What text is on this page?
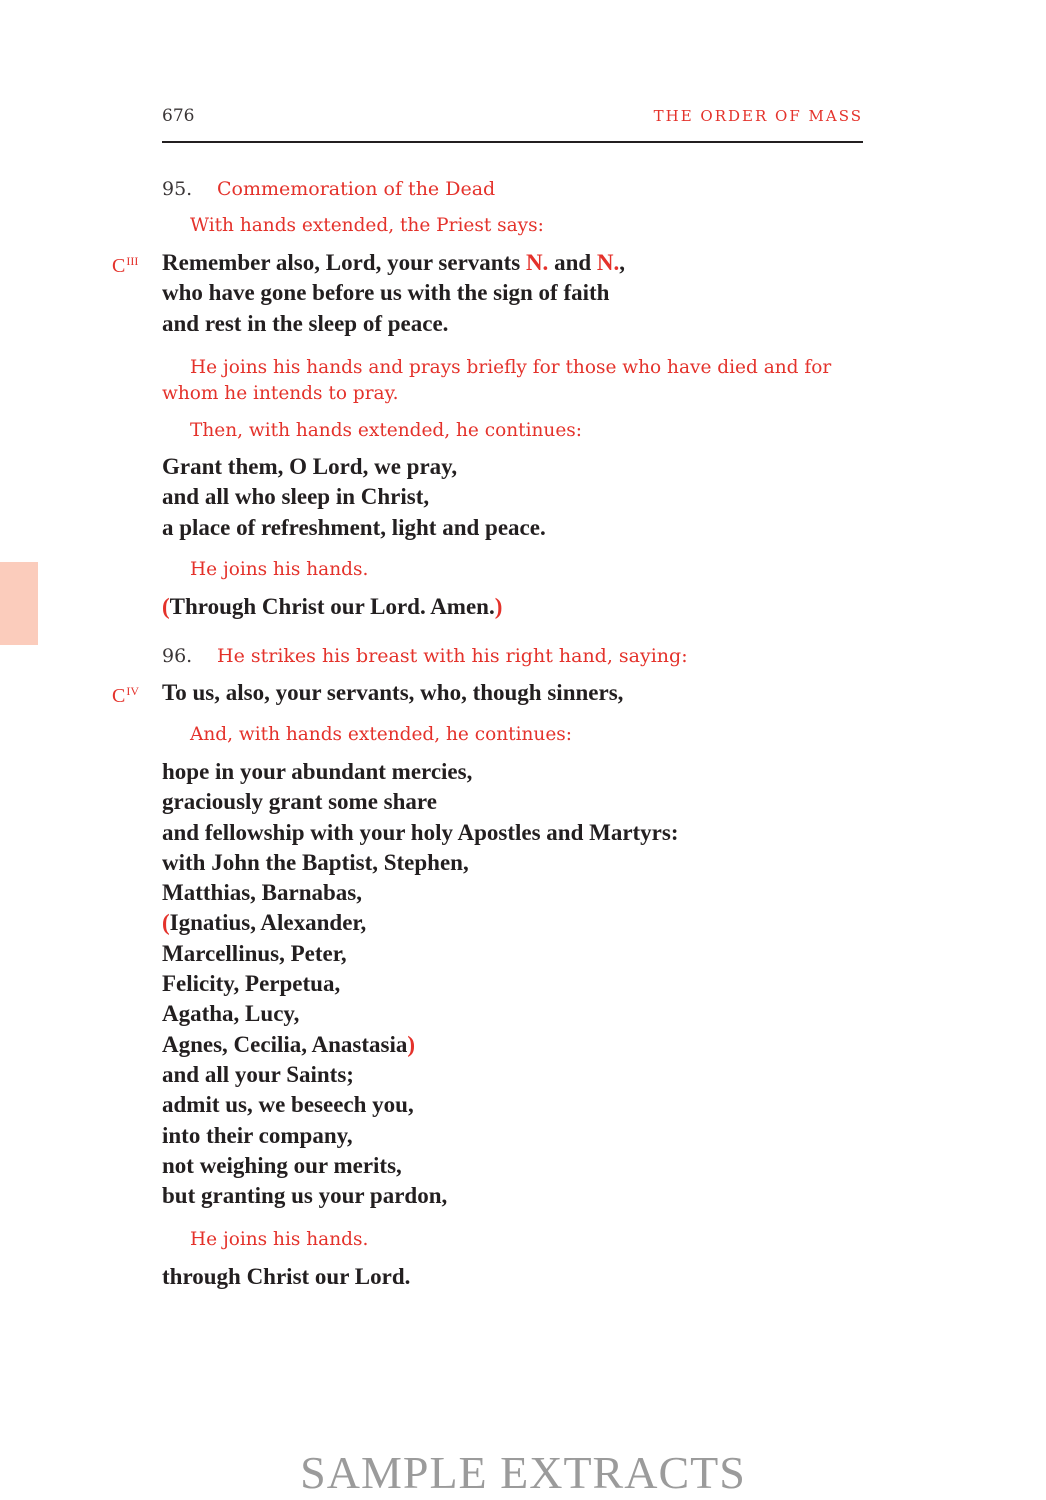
676	THE ORDER OF MASS
95. Commemoration of the Dead
With hands extended, the Priest says:
$C^{III}$ Remember also, Lord, your servants N. and N.,
who have gone before us with the sign of faith
and rest in the sleep of peace.
He joins his hands and prays briefly for those who have died and for whom he intends to pray.
Then, with hands extended, he continues:
Grant them, O Lord, we pray,
and all who sleep in Christ,
a place of refreshment, light and peace.
He joins his hands.
(Through Christ our Lord. Amen.)
96. He strikes his breast with his right hand, saying:
$C^{IV}$ To us, also, your servants, who, though sinners,
And, with hands extended, he continues:
hope in your abundant mercies,
graciously grant some share
and fellowship with your holy Apostles and Martyrs:
with John the Baptist, Stephen,
Matthias, Barnabas,
(Ignatius, Alexander,
Marcellinus, Peter,
Felicity, Perpetua,
Agatha, Lucy,
Agnes, Cecilia, Anastasia)
and all your Saints;
admit us, we beseech you,
into their company,
not weighing our merits,
but granting us your pardon,
He joins his hands.
through Christ our Lord.
SAMPLE EXTRACTS
